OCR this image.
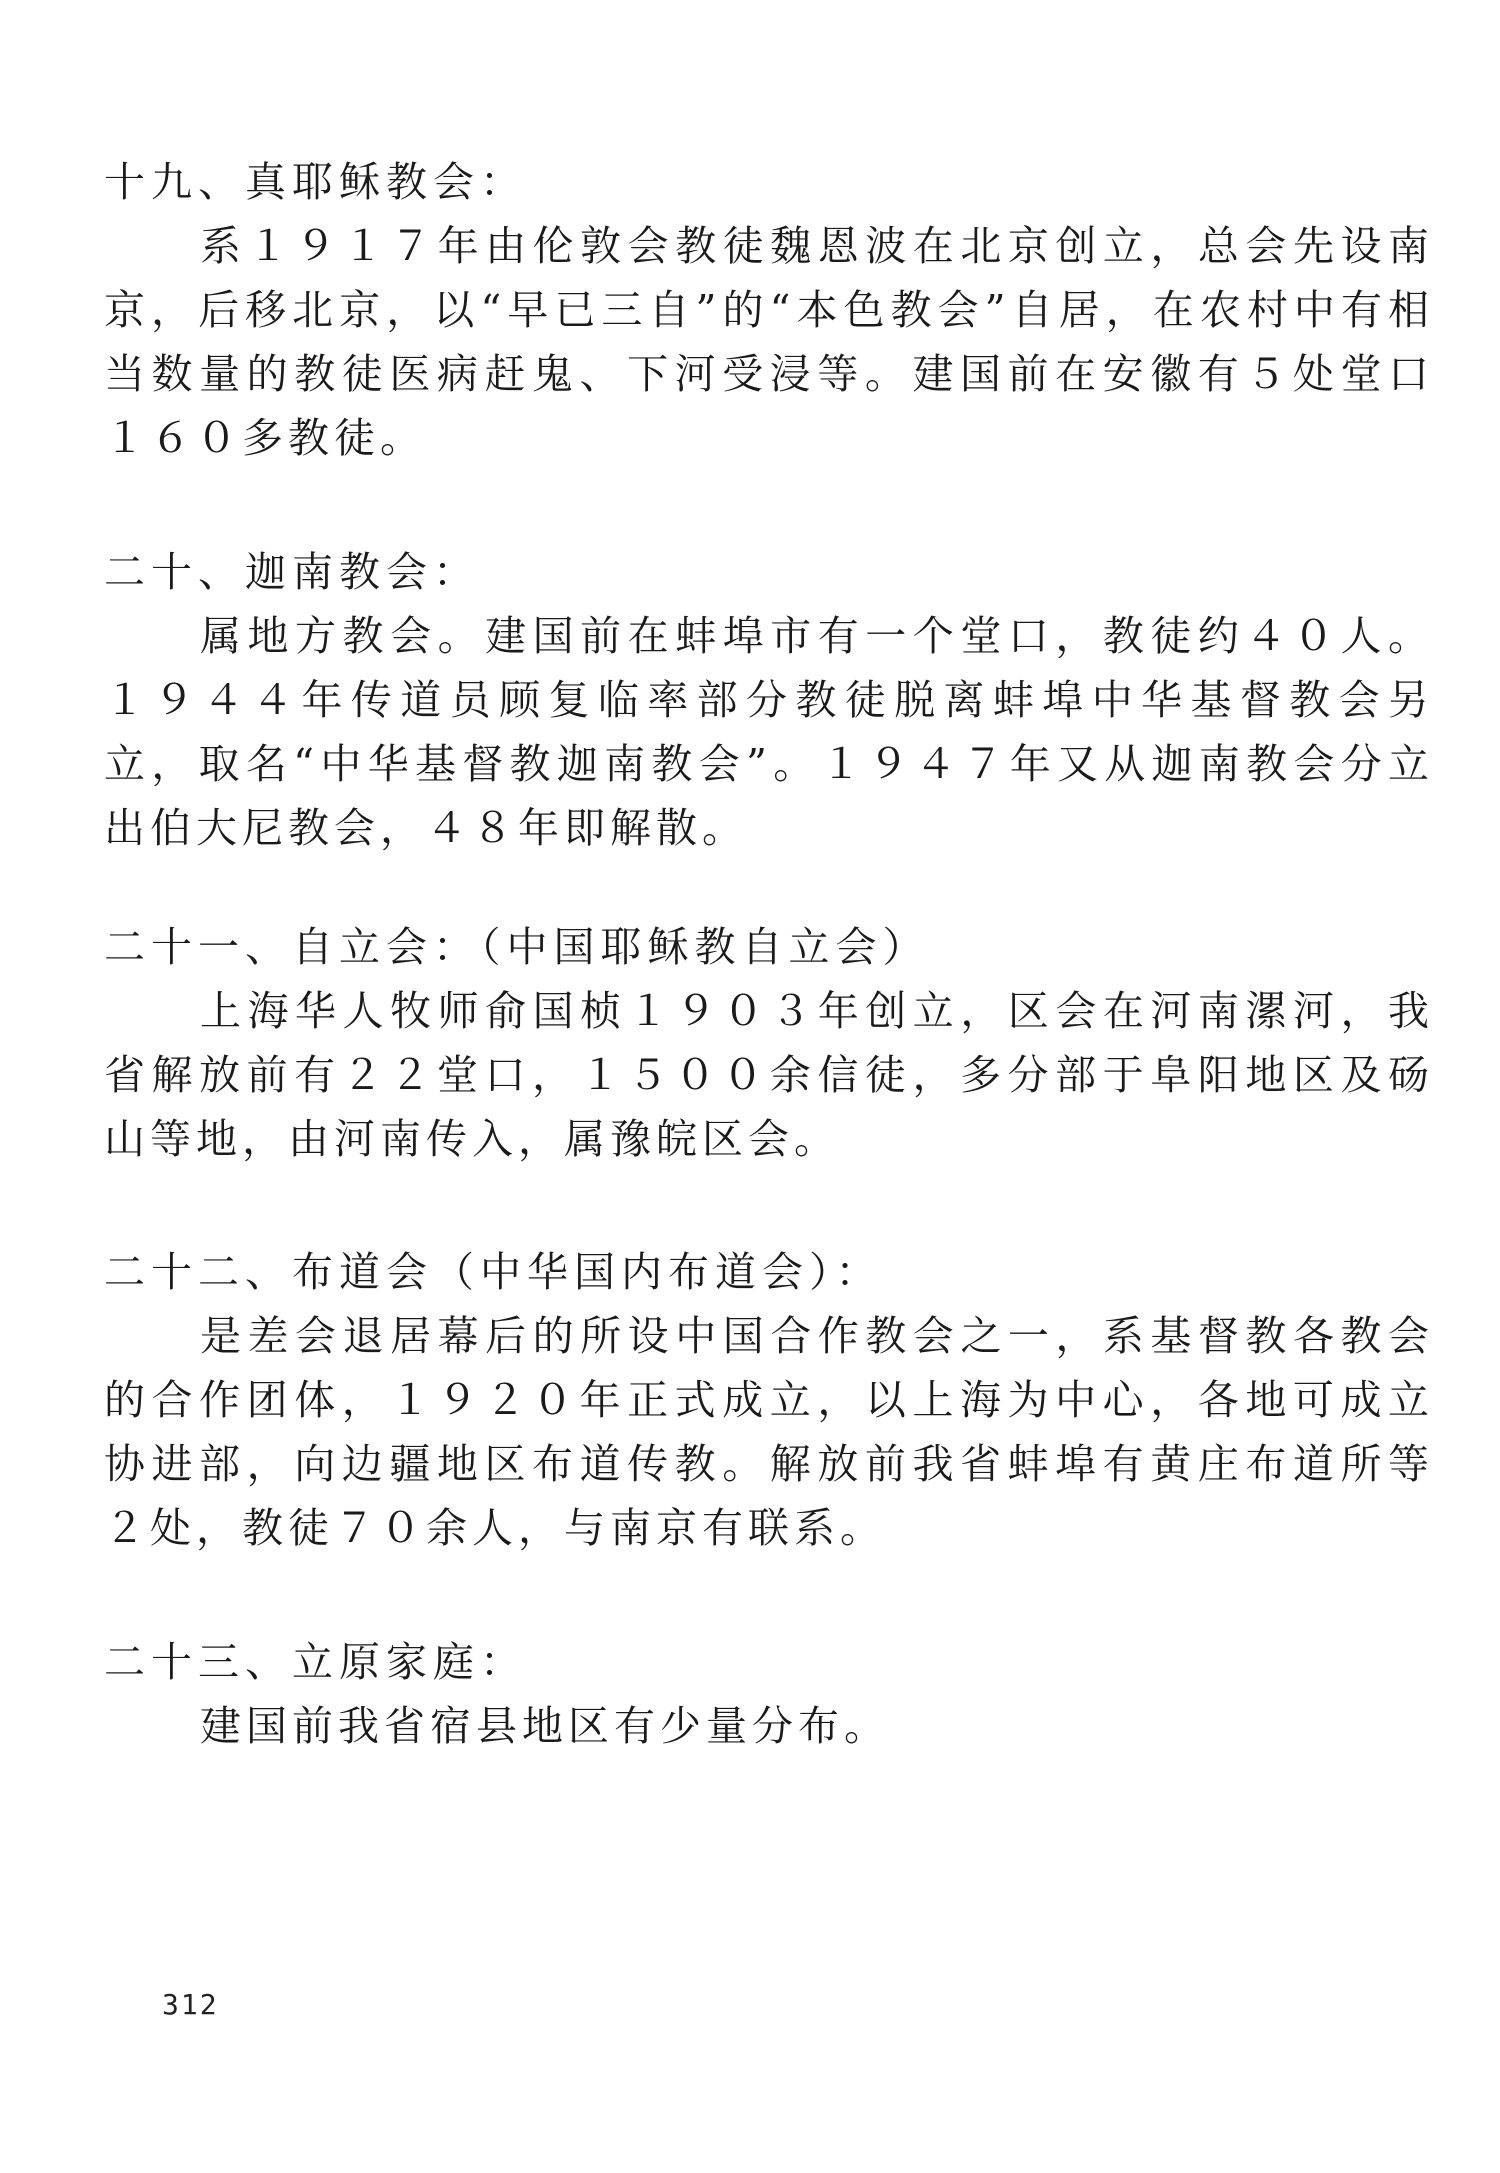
十九、真耶稣教会：

系１９１７年由伦敦会教徒魏恩波在北京创立，总会先设南京，后移北京，以“早已三自”的“本色教会”自居，在农村中有相当数量的教徒医病赶鬼、下河受浸等。建国前在安徽有５处堂口１６０多教徒。

二十、迦南教会：

属地方教会。建国前在蚌埠市有一个堂口，教徒约４０人。１９４４年传道员顾复临率部分教徒脱离蚌埠中华基督教会另立，取名“中华基督教迦南教会”。１９４７年又从迦南教会分立出伯大尼教会，４８年即解散。

二十一、自立会：（中国耶稣教自立会）

上海华人牧师俞国桢１９０３年创立，区会在河南漯河，我省解放前有２２堂口，１５００余信徒，多分部于阜阳地区及砀山等地，由河南传入，属豫皖区会。

二十二、布道会（中华国内布道会）：

是差会退居幕后的所设中国合作教会之一，系基督教各教会的合作团体，１９２０年正式成立，以上海为中心，各地可成立协进部，向边疆地区布道传教。解放前我省蚌埠有黄庄布道所等２处，教徒７０余人，与南京有联系。

二十三、立原家庭：

建国前我省宿县地区有少量分布。

312
